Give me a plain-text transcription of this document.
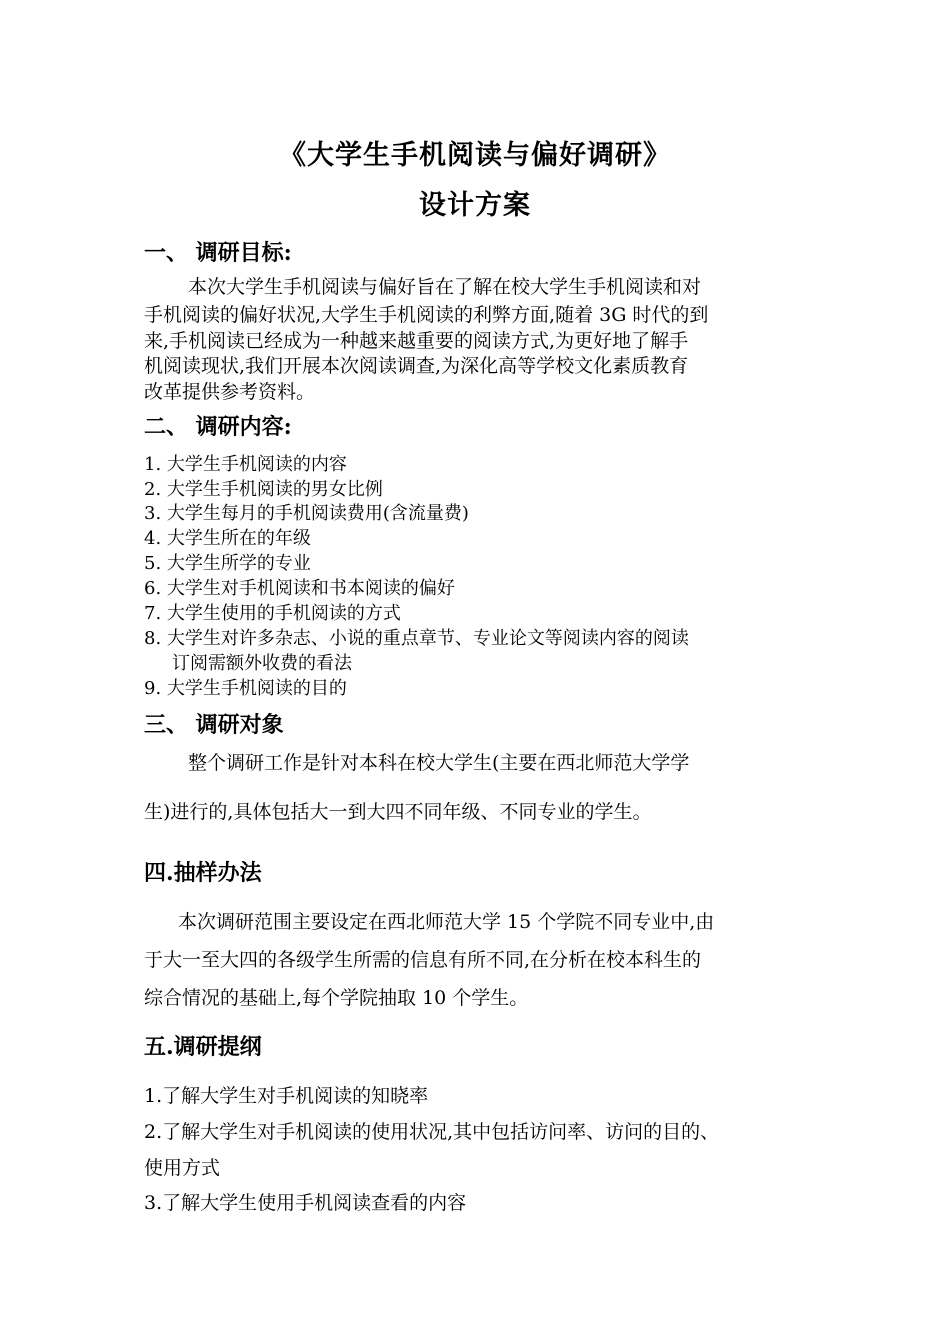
《大学生手机阅读与偏好调研》
设计方案
一、 调研目标:
本次大学生手机阅读与偏好旨在了解在校大学生手机阅读和对
手机阅读的偏好状况,大学生手机阅读的利弊方面,随着 3G 时代的到
来,手机阅读已经成为一种越来越重要的阅读方式,为更好地了解手
机阅读现状,我们开展本次阅读调查,为深化高等学校文化素质教育
改革提供参考资料。
二、 调研内容:
1. 大学生手机阅读的内容
2. 大学生手机阅读的男女比例
3. 大学生每月的手机阅读费用(含流量费)
4. 大学生所在的年级
5. 大学生所学的专业
6. 大学生对手机阅读和书本阅读的偏好
7. 大学生使用的手机阅读的方式
8. 大学生对许多杂志、小说的重点章节、专业论文等阅读内容的阅读
订阅需额外收费的看法
9. 大学生手机阅读的目的
三、 调研对象
整个调研工作是针对本科在校大学生(主要在西北师范大学学
生)进行的,具体包括大一到大四不同年级、不同专业的学生。
四.抽样办法
本次调研范围主要设定在西北师范大学 15 个学院不同专业中,由
于大一至大四的各级学生所需的信息有所不同,在分析在校本科生的
综合情况的基础上,每个学院抽取 10 个学生。
五.调研提纲
1.了解大学生对手机阅读的知晓率
2.了解大学生对手机阅读的使用状况,其中包括访问率、访问的目的、
使用方式
3.了解大学生使用手机阅读查看的内容
